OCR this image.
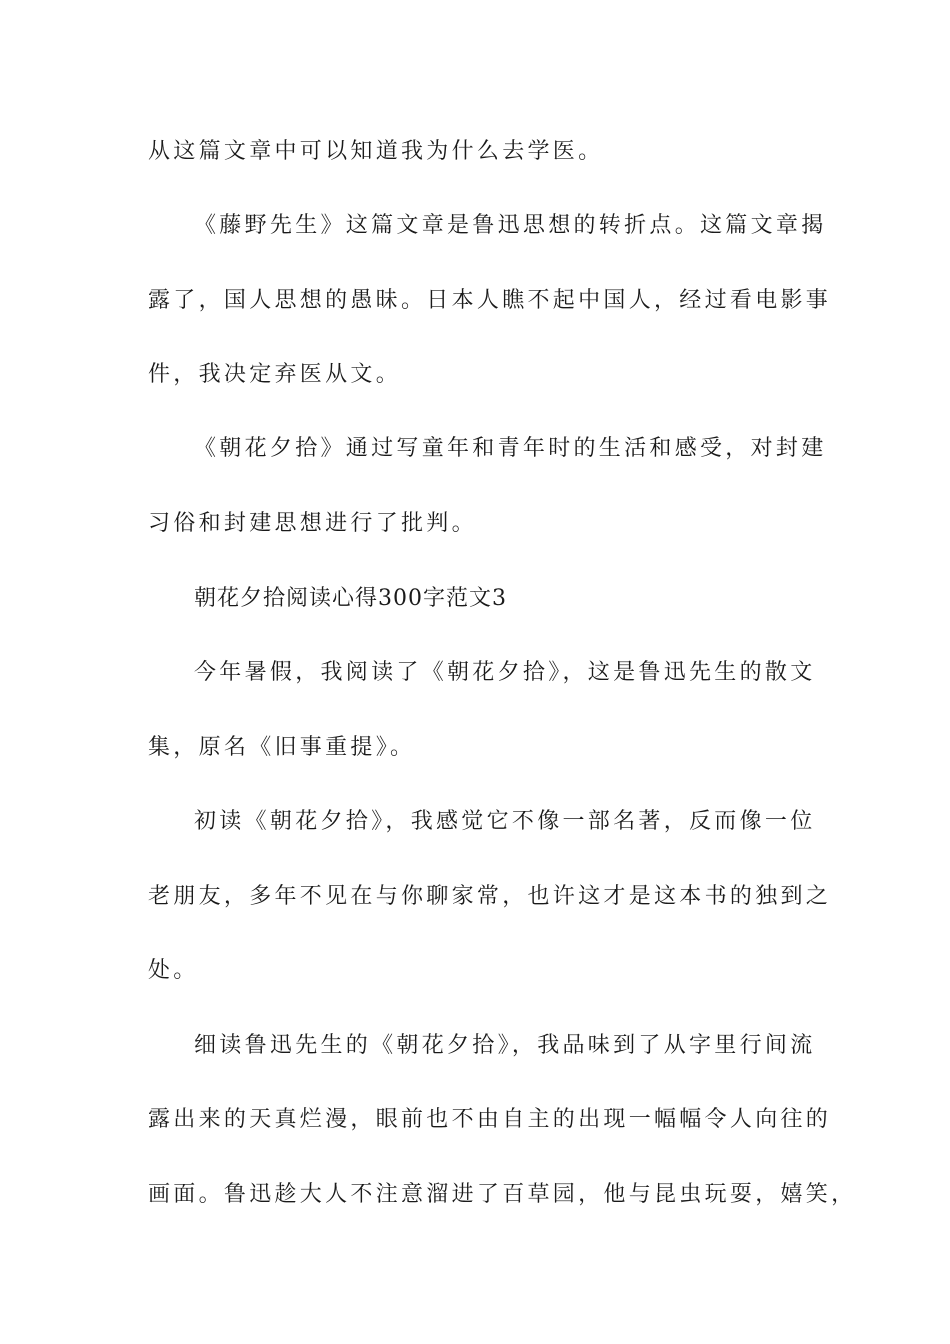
从这篇文章中可以知道我为什么去学医。
《藤野先生》这篇文章是鲁迅思想的转折点。这篇文章揭
露了，国人思想的愚昧。日本人瞧不起中国人，经过看电影事
件，我决定弃医从文。
《朝花夕拾》通过写童年和青年时的生活和感受，对封建
习俗和封建思想进行了批判。
朝花夕拾阅读心得300字范文3
今年暑假，我阅读了《朝花夕拾》，这是鲁迅先生的散文
集，原名《旧事重提》。
初读《朝花夕拾》，我感觉它不像一部名著，反而像一位
老朋友，多年不见在与你聊家常，也许这才是这本书的独到之
处。
细读鲁迅先生的《朝花夕拾》，我品味到了从字里行间流
露出来的天真烂漫，眼前也不由自主的出现一幅幅令人向往的
画面。鲁迅趁大人不注意溜进了百草园，他与昆虫玩耍，嬉笑，
